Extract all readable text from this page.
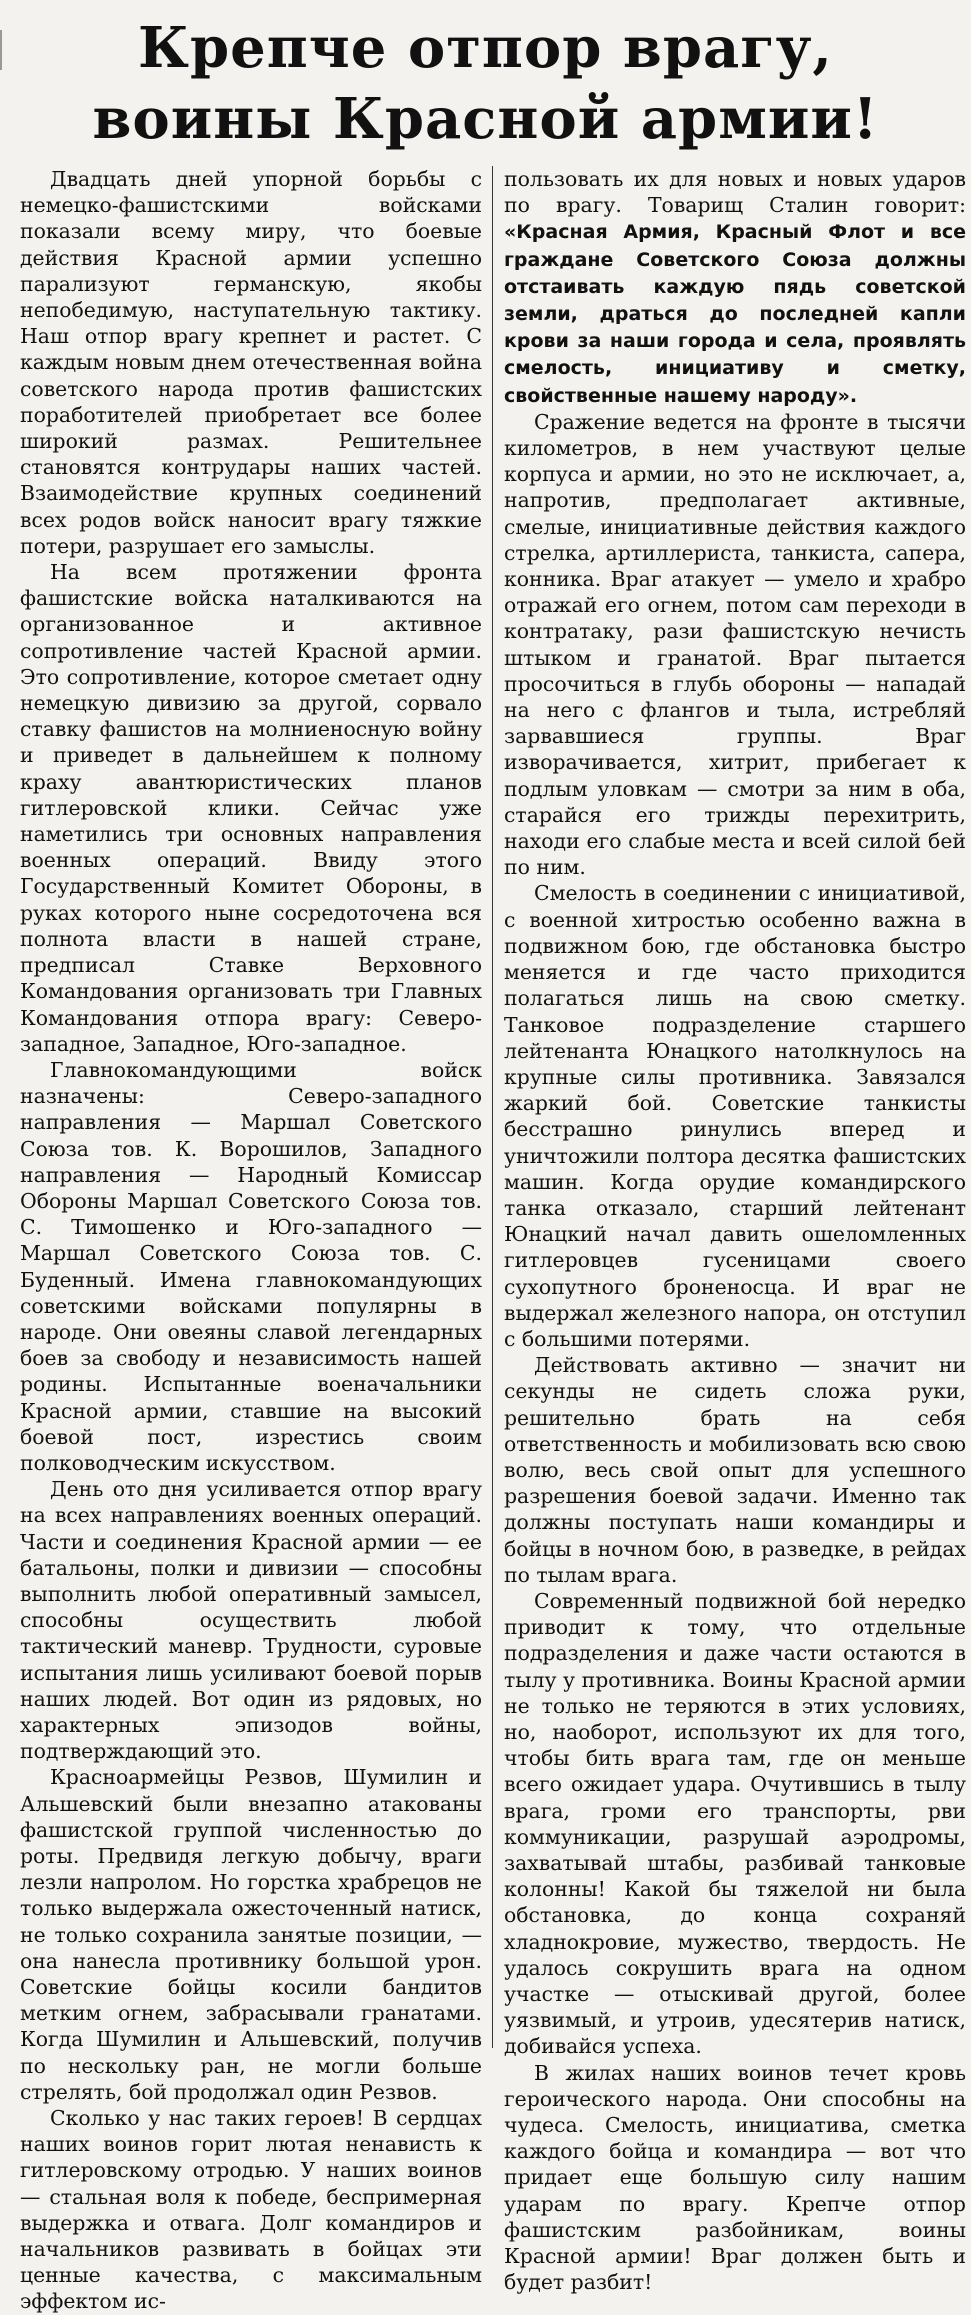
Крепче отпор врагу,
воины Красной армии!

Двадцать дней упорной борьбы с немецко-фашистскими войсками показали всему миру, что боевые действия Красной армии успешно парализуют германскую, якобы непобедимую, наступательную тактику. Наш отпор врагу крепнет и растет. С каждым новым днем отечественная война советского народа против фашистских поработителей приобретает все более широкий размах. Решительнее становятся контрудары наших частей. Взаимодействие крупных соединений всех родов войск наносит врагу тяжкие потери, разрушает его замыслы.

На всем протяжении фронта фашистские войска наталкиваются на организованное и активное сопротивление частей Красной армии. Это сопротивление, которое сметает одну немецкую дивизию за другой, сорвало ставку фашистов на молниеносную войну и приведет в дальнейшем к полному краху авантюристических планов гитлеровской клики. Сейчас уже наметились три основных направления военных операций. Ввиду этого Государственный Комитет Обороны, в руках которого ныне сосредоточена вся полнота власти в нашей стране, предписал Ставке Верховного Командования организовать три Главных Командования отпора врагу: Северо-западное, Западное, Юго-западное.

Главнокомандующими войск назначены: Северо-западного направления — Маршал Советского Союза тов. К. Ворошилов, Западного направления — Народный Комиссар Обороны Маршал Советского Союза тов. С. Тимошенко и Юго-западного — Маршал Советского Союза тов. С. Буденный. Имена главнокомандующих советскими войсками популярны в народе. Они овеяны славой легендарных боев за свободу и независимость нашей родины. Испытанные военачальники Красной армии, ставшие на высокий боевой пост, изрестись своим полководческим искусством.

День ото дня усиливается отпор врагу на всех направлениях военных операций. Части и соединения Красной армии — ее батальоны, полки и дивизии — способны выполнить любой оперативный замысел, способны осуществить любой тактический маневр. Трудности, суровые испытания лишь усиливают боевой порыв наших людей. Вот один из рядовых, но характерных эпизодов войны, подтверждающий это.

Красноармейцы Резвов, Шумилин и Альшевский были внезапно атакованы фашистской группой численностью до роты. Предвидя легкую добычу, враги лезли напролом. Но горстка храбрецов не только выдержала ожесточенный натиск, не только сохранила занятые позиции, — она нанесла противнику большой урон. Советские бойцы косили бандитов метким огнем, забрасывали гранатами. Когда Шумилин и Альшевский, получив по нескольку ран, не могли больше стрелять, бой продолжал один Резвов.

Сколько у нас таких героев! В сердцах наших воинов горит лютая ненависть к гитлеровскому отродью. У наших воинов — стальная воля к победе, беспримерная выдержка и отвага. Долг командиров и начальников развивать в бойцах эти ценные качества, с максимальным эффектом ис-

пользовать их для новых и новых ударов по врагу. Товарищ Сталин говорит: «Красная Армия, Красный Флот и все граждане Советского Союза должны отстаивать каждую пядь советской земли, драться до последней капли крови за наши города и села, проявлять смелость, инициативу и сметку, свойственные нашему народу».

Сражение ведется на фронте в тысячи километров, в нем участвуют целые корпуса и армии, но это не исключает, а, напротив, предполагает активные, смелые, инициативные действия каждого стрелка, артиллериста, танкиста, сапера, конника. Враг атакует — умело и храбро отражай его огнем, потом сам переходи в контратаку, рази фашистскую нечисть штыком и гранатой. Враг пытается просочиться в глубь обороны — нападай на него с флангов и тыла, истребляй зарвавшиеся группы. Враг изворачивается, хитрит, прибегает к подлым уловкам — смотри за ним в оба, старайся его трижды перехитрить, находи его слабые места и всей силой бей по ним.

Смелость в соединении с инициативой, с военной хитростью особенно важна в подвижном бою, где обстановка быстро меняется и где часто приходится полагаться лишь на свою сметку. Танковое подразделение старшего лейтенанта Юнацкого натолкнулось на крупные силы противника. Завязался жаркий бой. Советские танкисты бесстрашно ринулись вперед и уничтожили полтора десятка фашистских машин. Когда орудие командирского танка отказало, старший лейтенант Юнацкий начал давить ошеломленных гитлеровцев гусеницами своего сухопутного броненосца. И враг не выдержал железного напора, он отступил с большими потерями.

Действовать активно — значит ни секунды не сидеть сложа руки, решительно брать на себя ответственность и мобилизовать всю свою волю, весь свой опыт для успешного разрешения боевой задачи. Именно так должны поступать наши командиры и бойцы в ночном бою, в разведке, в рейдах по тылам врага.

Современный подвижной бой нередко приводит к тому, что отдельные подразделения и даже части остаются в тылу у противника. Воины Красной армии не только не теряются в этих условиях, но, наоборот, используют их для того, чтобы бить врага там, где он меньше всего ожидает удара. Очутившись в тылу врага, громи его транспорты, рви коммуникации, разрушай аэродромы, захватывай штабы, разбивай танковые колонны! Какой бы тяжелой ни была обстановка, до конца сохраняй хладнокровие, мужество, твердость. Не удалось сокрушить врага на одном участке — отыскивай другой, более уязвимый, и утроив, удесятерив натиск, добивайся успеха.

В жилах наших воинов течет кровь героического народа. Они способны на чудеса. Смелость, инициатива, сметка каждого бойца и командира — вот что придает еще большую силу нашим ударам по врагу. Крепче отпор фашистским разбойникам, воины Красной армии! Враг должен быть и будет разбит!
